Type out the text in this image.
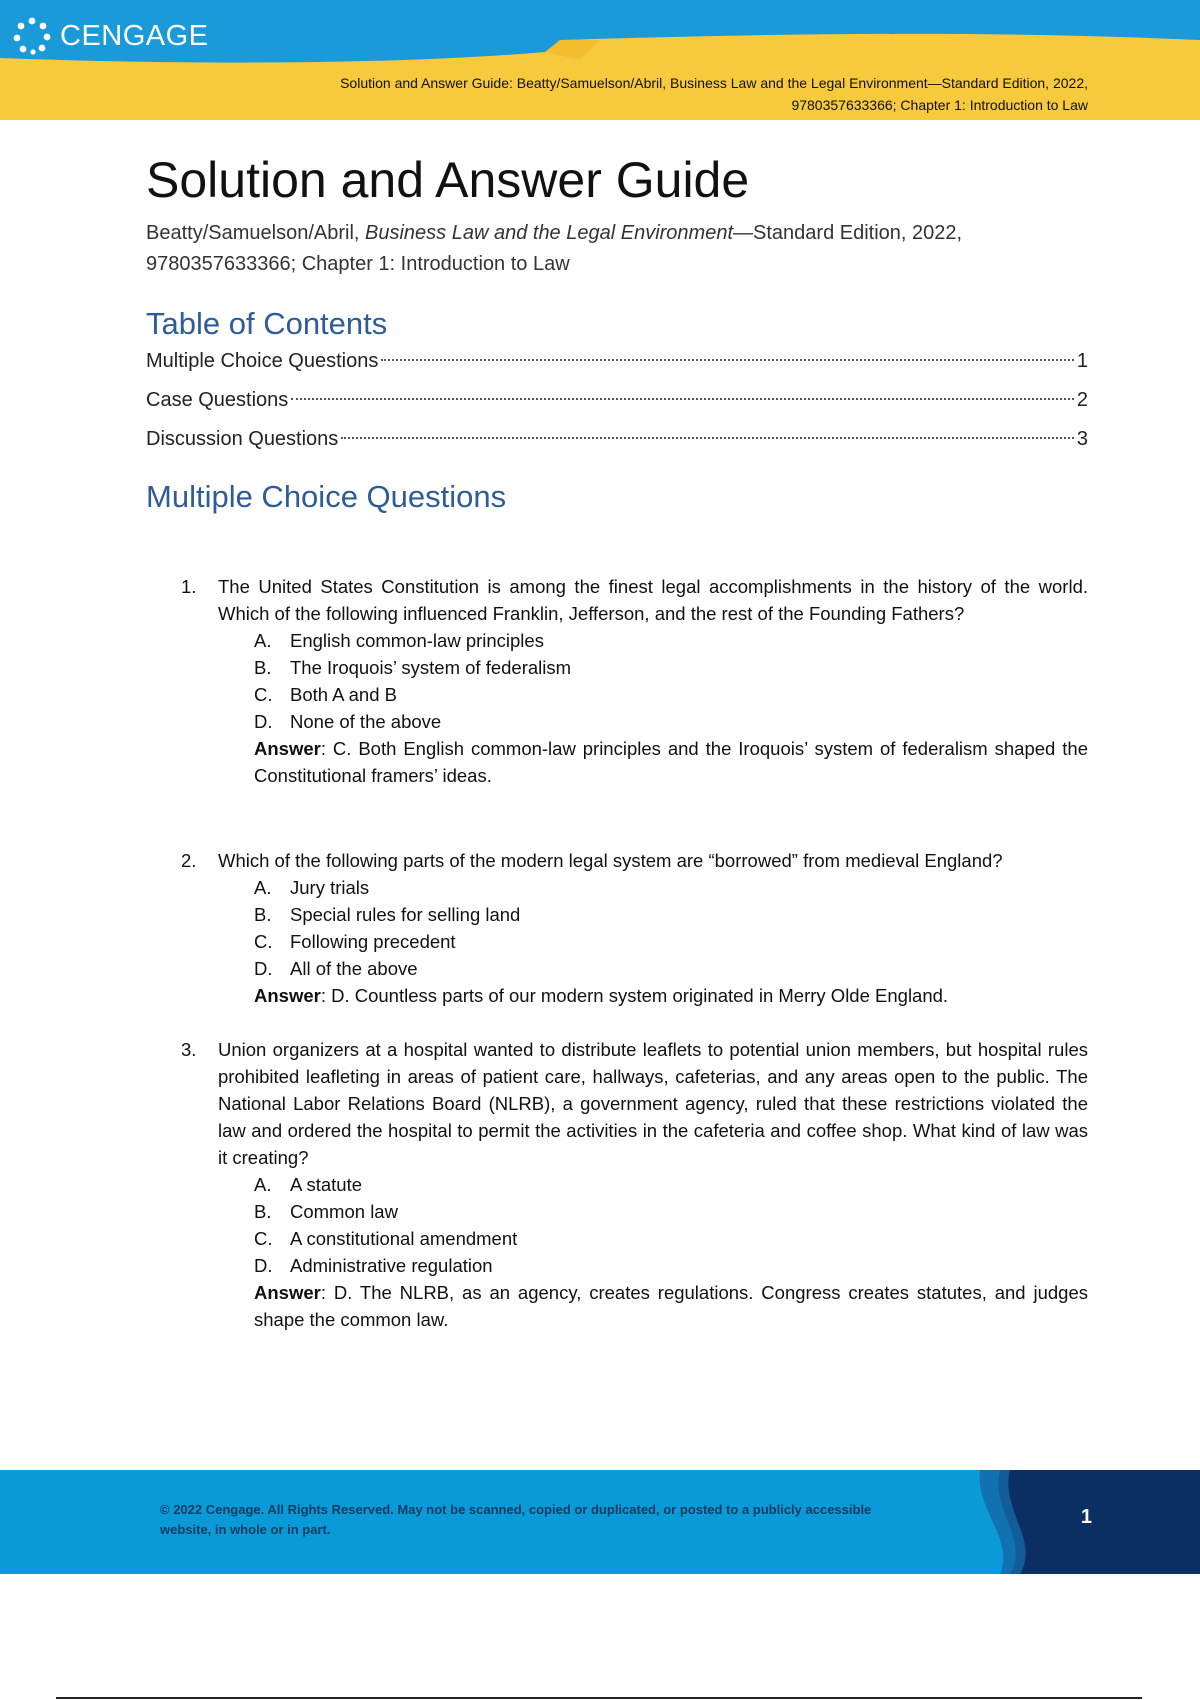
CENGAGE
Solution and Answer Guide: Beatty/Samuelson/Abril, Business Law and the Legal Environment—Standard Edition, 2022,
9780357633366; Chapter 1: Introduction to Law
Solution and Answer Guide
Beatty/Samuelson/Abril, Business Law and the Legal Environment—Standard Edition, 2022,
9780357633366; Chapter 1: Introduction to Law
Table of Contents
Multiple Choice Questions	1
Case Questions	2
Discussion Questions	3
Multiple Choice Questions
1.	The United States Constitution is among the finest legal accomplishments in the history of the world. Which of the following influenced Franklin, Jefferson, and the rest of the Founding Fathers?
A.	English common-law principles
B.	The Iroquois’ system of federalism
C. Both A and B
D. None of the above
Answer: C. Both English common-law principles and the Iroquois’ system of federalism shaped the Constitutional framers’ ideas.
2.	Which of the following parts of the modern legal system are “borrowed” from medieval England?
A.	Jury trials
B.	Special rules for selling land
C. Following precedent
D. All of the above
Answer: D. Countless parts of our modern system originated in Merry Olde England.
3.	Union organizers at a hospital wanted to distribute leaflets to potential union members, but hospital rules prohibited leafleting in areas of patient care, hallways, cafeterias, and any areas open to the public. The National Labor Relations Board (NLRB), a government agency, ruled that these restrictions violated the law and ordered the hospital to permit the activities in the cafeteria and coffee shop. What kind of law was it creating?
A.	A statute
B.	Common law
C. A constitutional amendment
D. Administrative regulation
Answer: D. The NLRB, as an agency, creates regulations. Congress creates statutes, and judges shape the common law.
© 2022 Cengage. All Rights Reserved. May not be scanned, copied or duplicated, or posted to a publicly accessible
website, in whole or in part.
1
